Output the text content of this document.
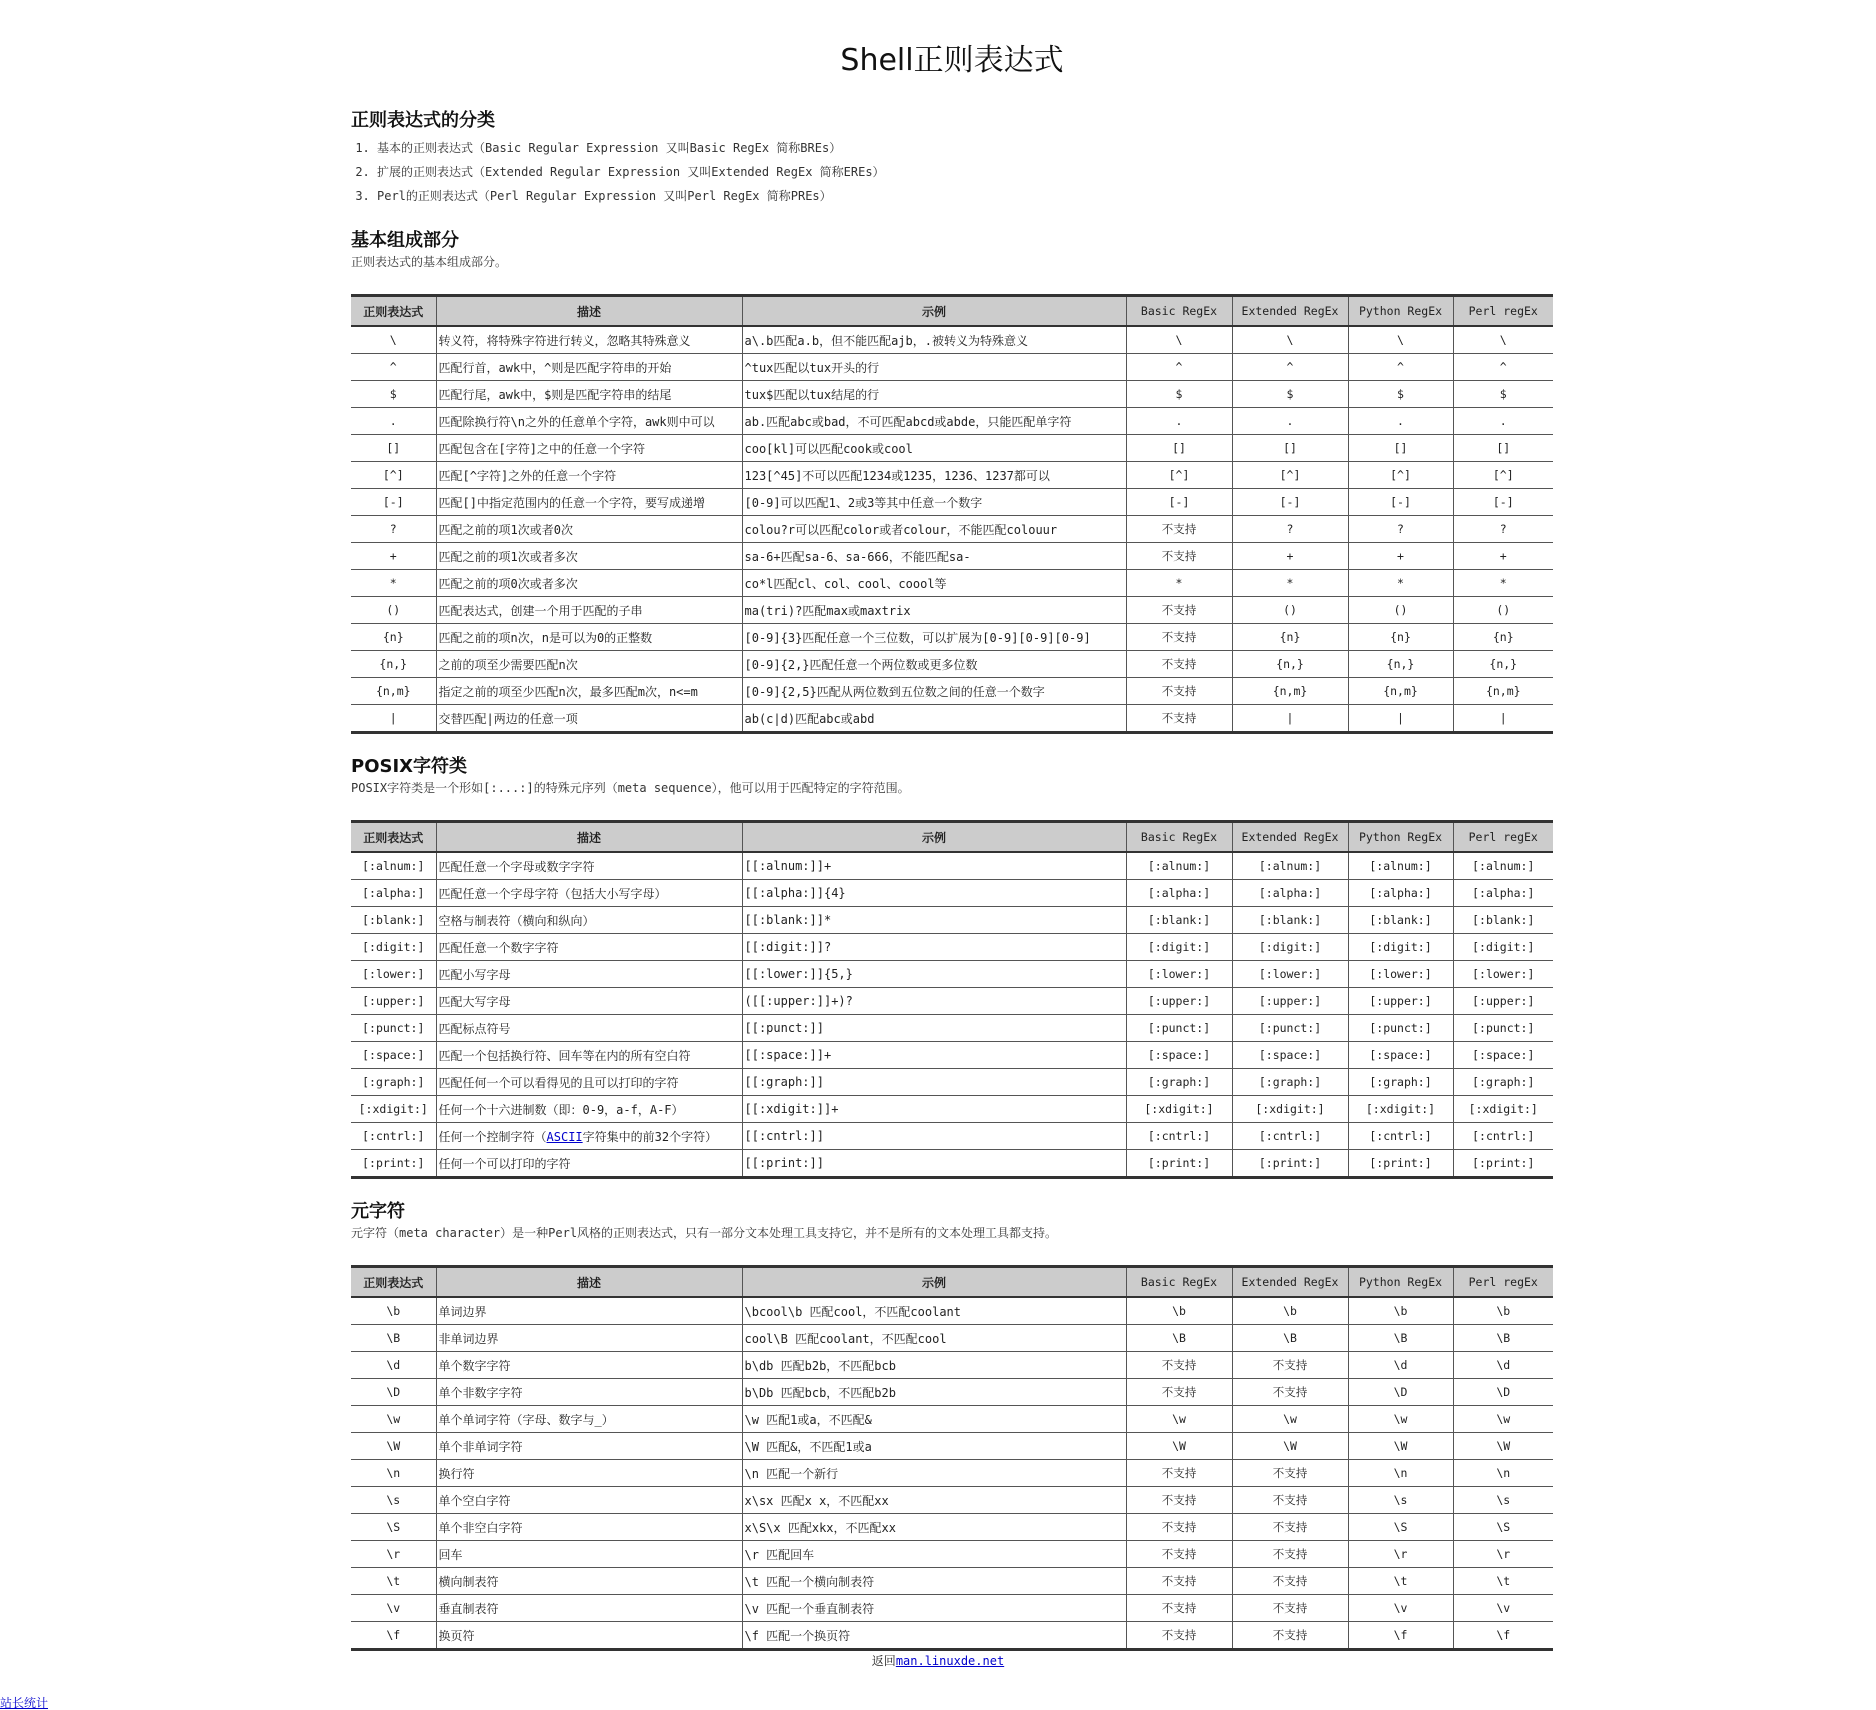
Shell正则表达式
正则表达式的分类
1. 基本的正则表达式（Basic Regular Expression 又叫Basic RegEx 简称BREs）
2. 扩展的正则表达式（Extended Regular Expression 又叫Extended RegEx 简称EREs）
3. Perl的正则表达式（Perl Regular Expression 又叫Perl RegEx 简称PREs）
基本组成部分

正则表达式的基本组成部分。

正则表达式	描述	示例	Basic RegEx	Extended RegEx	Python RegEx	Perl regEx
\	转义符，将特殊字符进行转义，忽略其特殊意义	a\.b匹配a.b，但不能匹配ajb，.被转义为特殊意义	\	\	\	\
^	匹配行首，awk中，^则是匹配字符串的开始	^tux匹配以tux开头的行	^	^	^	^
$	匹配行尾，awk中，$则是匹配字符串的结尾	tux$匹配以tux结尾的行	$	$	$	$
.	匹配除换行符\n之外的任意单个字符，awk则中可以	ab.匹配abc或bad，不可匹配abcd或abde，只能匹配单字符	.	.	.	.
[]	匹配包含在[字符]之中的任意一个字符	coo[kl]可以匹配cook或cool	[]	[]	[]	[]
[^]	匹配[^字符]之外的任意一个字符	123[^45]不可以匹配1234或1235，1236、1237都可以	[^]	[^]	[^]	[^]
[-]	匹配[]中指定范围内的任意一个字符，要写成递增	[0-9]可以匹配1、2或3等其中任意一个数字	[-]	[-]	[-]	[-]
?	匹配之前的项1次或者0次	colou?r可以匹配color或者colour，不能匹配colouur	不支持	?	?	?
+	匹配之前的项1次或者多次	sa-6+匹配sa-6、sa-666，不能匹配sa-	不支持	+	+	+
*	匹配之前的项0次或者多次	co*l匹配cl、col、cool、coool等	*	*	*	*
()	匹配表达式，创建一个用于匹配的子串	ma(tri)?匹配max或maxtrix	不支持	()	()	()
{n}	匹配之前的项n次，n是可以为0的正整数	[0-9]{3}匹配任意一个三位数，可以扩展为[0-9][0-9][0-9]	不支持	{n}	{n}	{n}
{n,}	之前的项至少需要匹配n次	[0-9]{2,}匹配任意一个两位数或更多位数	不支持	{n,}	{n,}	{n,}
{n,m}	指定之前的项至少匹配n次，最多匹配m次，n<=m	[0-9]{2,5}匹配从两位数到五位数之间的任意一个数字	不支持	{n,m}	{n,m}	{n,m}
|	交替匹配|两边的任意一项	ab(c|d)匹配abc或abd	不支持	|	|	|
POSIX字符类

POSIX字符类是一个形如[:...:]的特殊元序列（meta sequence），他可以用于匹配特定的字符范围。

正则表达式	描述	示例	Basic RegEx	Extended RegEx	Python RegEx	Perl regEx
[:alnum:]	匹配任意一个字母或数字字符	[[:alnum:]]+	[:alnum:]	[:alnum:]	[:alnum:]	[:alnum:]
[:alpha:]	匹配任意一个字母字符（包括大小写字母）	[[:alpha:]]{4}	[:alpha:]	[:alpha:]	[:alpha:]	[:alpha:]
[:blank:]	空格与制表符（横向和纵向）	[[:blank:]]*	[:blank:]	[:blank:]	[:blank:]	[:blank:]
[:digit:]	匹配任意一个数字字符	[[:digit:]]?	[:digit:]	[:digit:]	[:digit:]	[:digit:]
[:lower:]	匹配小写字母	[[:lower:]]{5,}	[:lower:]	[:lower:]	[:lower:]	[:lower:]
[:upper:]	匹配大写字母	([[:upper:]]+)?	[:upper:]	[:upper:]	[:upper:]	[:upper:]
[:punct:]	匹配标点符号	[[:punct:]]	[:punct:]	[:punct:]	[:punct:]	[:punct:]
[:space:]	匹配一个包括换行符、回车等在内的所有空白符	[[:space:]]+	[:space:]	[:space:]	[:space:]	[:space:]
[:graph:]	匹配任何一个可以看得见的且可以打印的字符	[[:graph:]]	[:graph:]	[:graph:]	[:graph:]	[:graph:]
[:xdigit:]	任何一个十六进制数（即：0-9，a-f，A-F）	[[:xdigit:]]+	[:xdigit:]	[:xdigit:]	[:xdigit:]	[:xdigit:]
[:cntrl:]	任何一个控制字符（ASCII字符集中的前32个字符）	[[:cntrl:]]	[:cntrl:]	[:cntrl:]	[:cntrl:]	[:cntrl:]
[:print:]	任何一个可以打印的字符	[[:print:]]	[:print:]	[:print:]	[:print:]	[:print:]
元字符

元字符（meta character）是一种Perl风格的正则表达式，只有一部分文本处理工具支持它，并不是所有的文本处理工具都支持。

正则表达式	描述	示例	Basic RegEx	Extended RegEx	Python RegEx	Perl regEx
\b	单词边界	\bcool\b 匹配cool，不匹配coolant	\b	\b	\b	\b
\B	非单词边界	cool\B 匹配coolant，不匹配cool	\B	\B	\B	\B
\d	单个数字字符	b\db 匹配b2b，不匹配bcb	不支持	不支持	\d	\d
\D	单个非数字字符	b\Db 匹配bcb，不匹配b2b	不支持	不支持	\D	\D
\w	单个单词字符（字母、数字与_）	\w 匹配1或a，不匹配&	\w	\w	\w	\w
\W	单个非单词字符	\W 匹配&，不匹配1或a	\W	\W	\W	\W
\n	换行符	\n 匹配一个新行	不支持	不支持	\n	\n
\s	单个空白字符	x\sx 匹配x x，不匹配xx	不支持	不支持	\s	\s
\S	单个非空白字符	x\S\x 匹配xkx，不匹配xx	不支持	不支持	\S	\S
\r	回车	\r 匹配回车	不支持	不支持	\r	\r
\t	横向制表符	\t 匹配一个横向制表符	不支持	不支持	\t	\t
\v	垂直制表符	\v 匹配一个垂直制表符	不支持	不支持	\v	\v
\f	换页符	\f 匹配一个换页符	不支持	不支持	\f	\f
返回man.linuxde.net
站长统计
